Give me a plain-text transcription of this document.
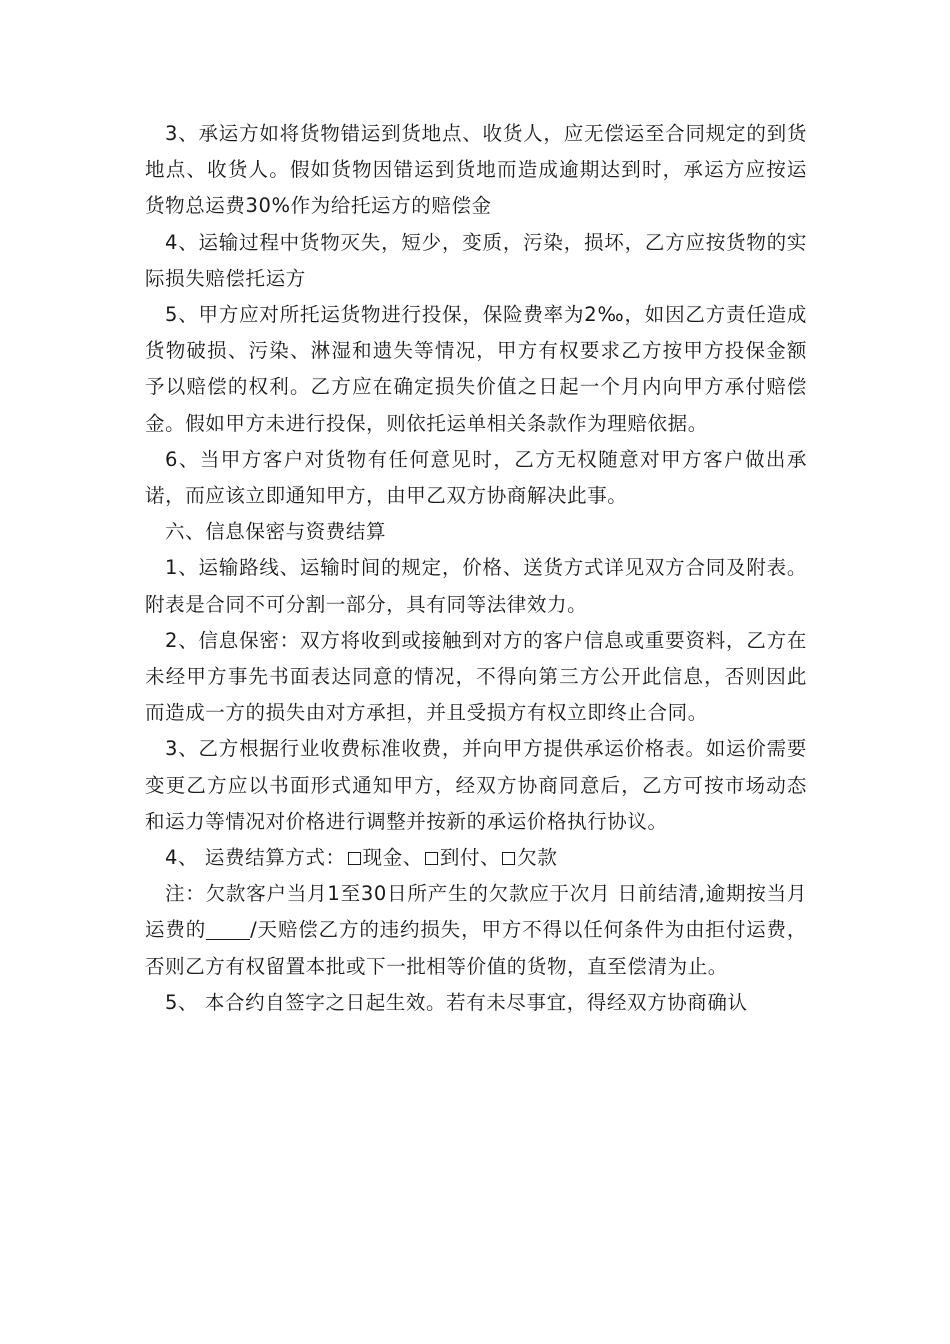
3、承运方如将货物错运到货地点、收货人，应无偿运至合同规定的到货地点、收货人。假如货物因错运到货地而造成逾期达到时，承运方应按运货物总运费30%作为给托运方的赔偿金

4、运输过程中货物灭失，短少，变质，污染，损坏，乙方应按货物的实际损失赔偿托运方

5、甲方应对所托运货物进行投保，保险费率为2‰，如因乙方责任造成货物破损、污染、淋湿和遗失等情况，甲方有权要求乙方按甲方投保金额予以赔偿的权利。乙方应在确定损失价值之日起一个月内向甲方承付赔偿金。假如甲方未进行投保，则依托运单相关条款作为理赔依据。

6、当甲方客户对货物有任何意见时，乙方无权随意对甲方客户做出承诺，而应该立即通知甲方，由甲乙双方协商解决此事。

六、信息保密与资费结算

1、运输路线、运输时间的规定，价格、送货方式详见双方合同及附表。附表是合同不可分割一部分，具有同等法律效力。

2、信息保密：双方将收到或接触到对方的客户信息或重要资料，乙方在未经甲方事先书面表达同意的情况，不得向第三方公开此信息，否则因此而造成一方的损失由对方承担，并且受损方有权立即终止合同。

3、乙方根据行业收费标准收费，并向甲方提供承运价格表。如运价需要变更乙方应以书面形式通知甲方，经双方协商同意后，乙方可按市场动态和运力等情况对价格进行调整并按新的承运价格执行协议。

4、 运费结算方式： 现金、 到付、 欠款

注：欠款客户当月1至30日所产生的欠款应于次月 日前结清,逾期按当月运费的 /天赔偿乙方的违约损失，甲方不得以任何条件为由拒付运费，否则乙方有权留置本批或下一批相等价值的货物，直至偿清为止。

5、 本合约自签字之日起生效。若有未尽事宜，得经双方协商确认
